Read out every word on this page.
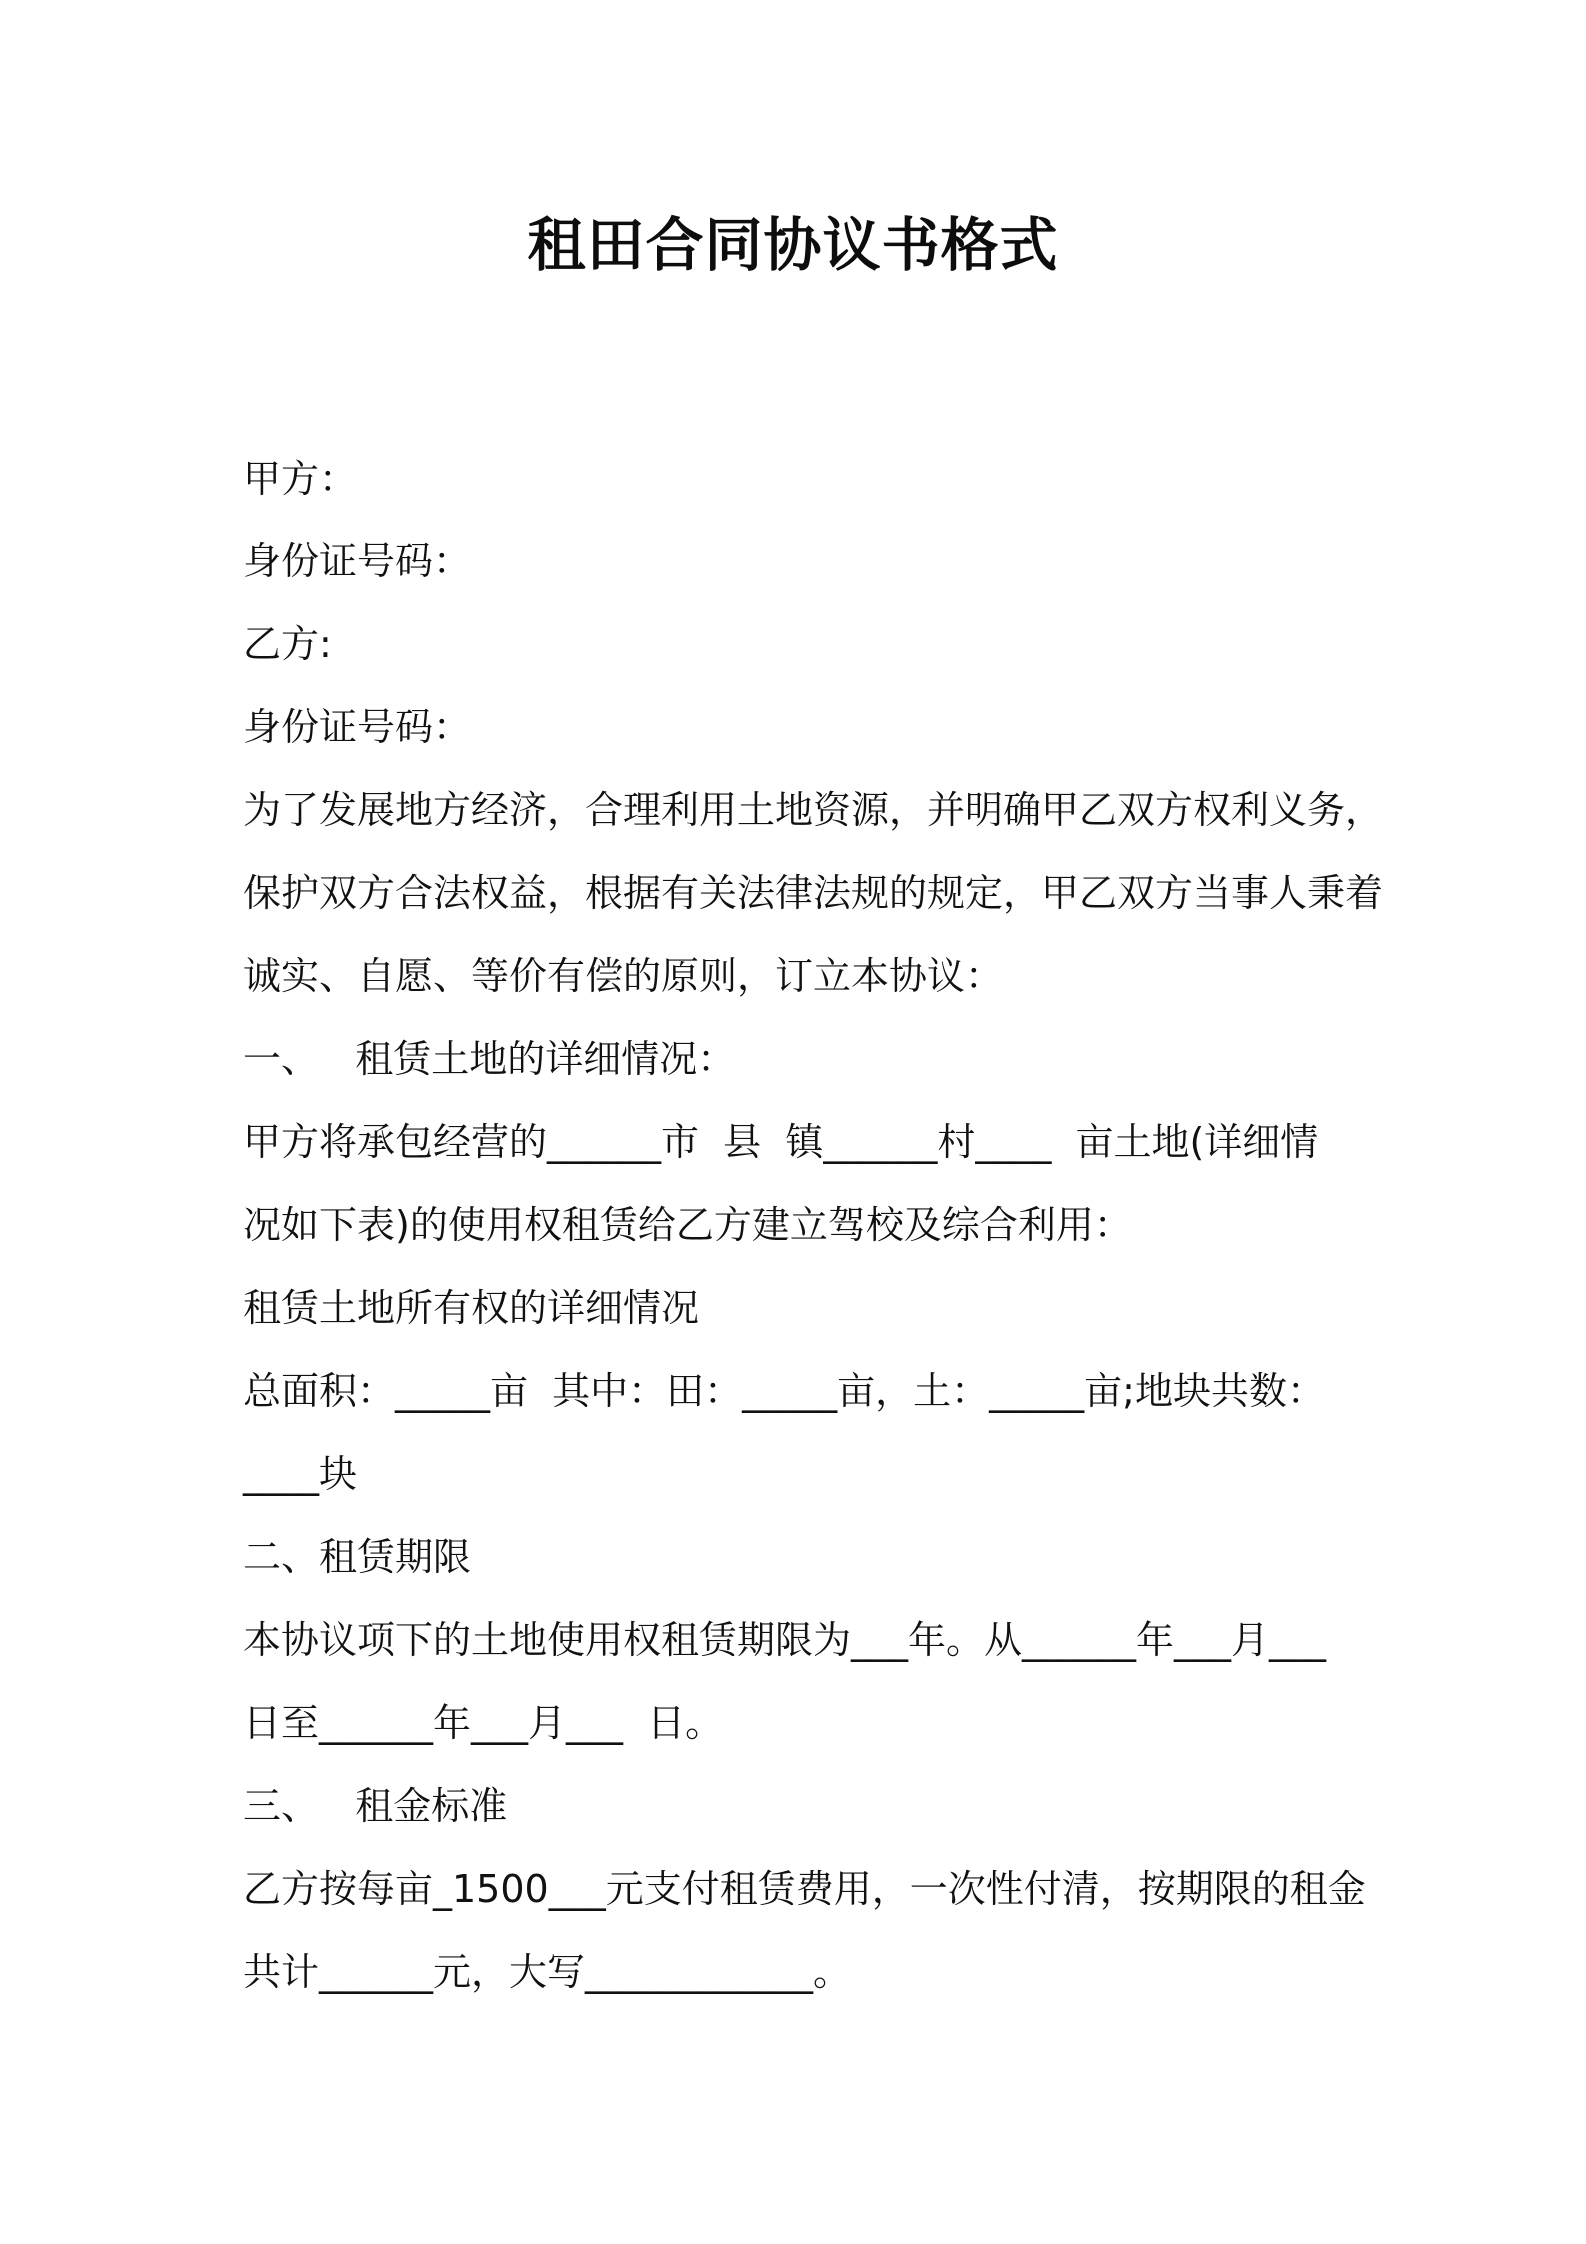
租田合同协议书格式
甲方：
身份证号码：
乙方:
身份证号码：
为了发展地方经济，合理利用土地资源，并明确甲乙双方权利义务，
保护双方合法权益，根据有关法律法规的规定，甲乙双方当事人秉着
诚实、自愿、等价有偿的原则，订立本协议：
一、   租赁土地的详细情况：
甲方将承包经营的______市  县  镇______村____  亩土地(详细情
况如下表)的使用权租赁给乙方建立驾校及综合利用：
租赁土地所有权的详细情况
总面积：_____亩  其中：田：_____亩，土：_____亩;地块共数：
____块
二、租赁期限
本协议项下的土地使用权租赁期限为___年。从______年___月___
日至______年___月___  日。
三、   租金标准
乙方按每亩_1500___元支付租赁费用，一次性付清，按期限的租金
共计______元，大写____________。
